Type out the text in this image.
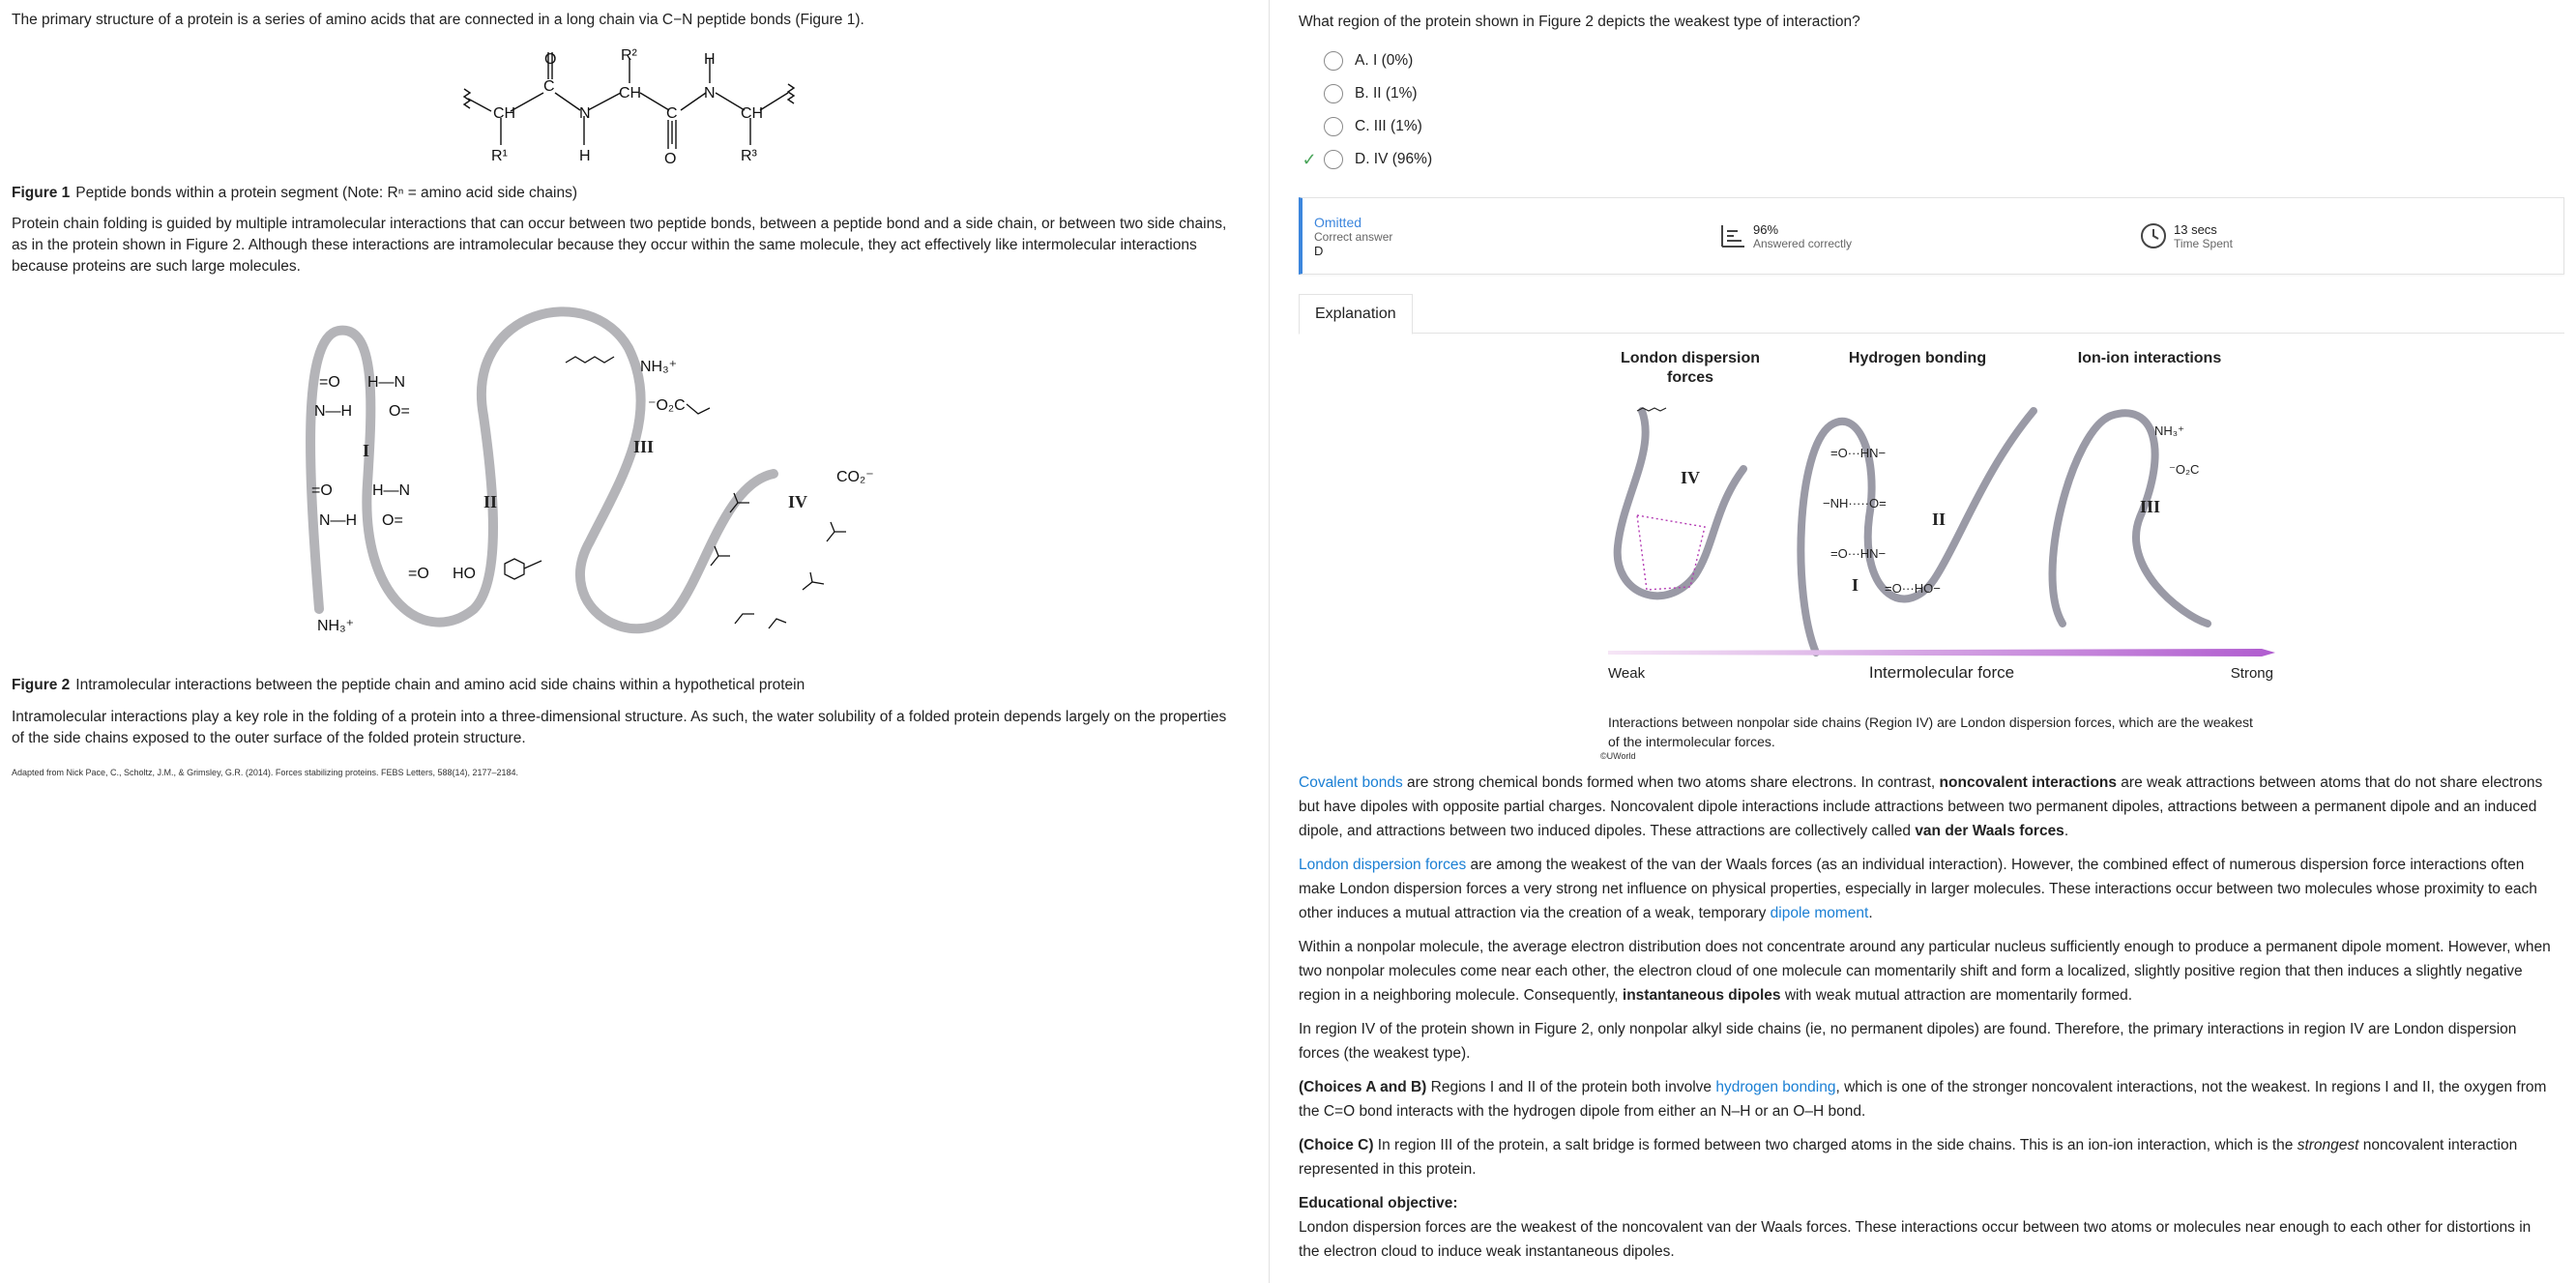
The primary structure of a protein is a series of amino acids that are connected in a long chain via C−N peptide bonds (Figure 1).
CH
C
O
N
H
CH
R²
C
O
N
H
CH
R¹	R³
Figure 1 Peptide bonds within a protein segment (Note: Rⁿ = amino acid side chains)
Protein chain folding is guided by multiple intramolecular interactions that can occur between two peptide bonds, between a peptide bond and a side chain, or between two side chains, as in the protein shown in Figure 2. Although these interactions are intramolecular because they occur within the same molecule, they act effectively like intermolecular interactions because proteins are such large molecules.
=O H—N
N—H O=
I
=O	H—N
N—H O=
II
=O HO
NH₃⁺
NH₃⁺
⁻O₂C
III
IV
CO₂⁻
Figure 2 Intramolecular interactions between the peptide chain and amino acid side chains within a hypothetical protein
Intramolecular interactions play a key role in the folding of a protein into a three-dimensional structure. As such, the water solubility of a folded protein depends largely on the properties of the side chains exposed to the outer surface of the folded protein structure.
Adapted from Nick Pace, C., Scholtz, J.M., & Grimsley, G.R. (2014). Forces stabilizing proteins. FEBS Letters, 588(14), 2177–2184.
What region of the protein shown in Figure 2 depicts the weakest type of interaction?
A. I (0%)
B. II (1%)
C. III (1%)
✓	D. IV (96%)
Omitted
Correct answer
D
96%
Answered correctly
13 secs
Time Spent
Explanation
London dispersion
forces
Hydrogen bonding	Ion-ion interactions
IV
=O···HN−
−NH·····O=
=O···HN−
I
II
=O···HO−
NH₃⁺
⁻O₂C
III
Weak	Intermolecular force	Strong
Interactions between nonpolar side chains (Region IV) are London dispersion forces, which are the weakest of the intermolecular forces.
©UWorld

Covalent bonds are strong chemical bonds formed when two atoms share electrons. In contrast, noncovalent interactions are weak attractions between atoms that do not share electrons but have dipoles with opposite partial charges. Noncovalent dipole interactions include attractions between two permanent dipoles, attractions between a permanent dipole and an induced dipole, and attractions between two induced dipoles. These attractions are collectively called van der Waals forces.

London dispersion forces are among the weakest of the van der Waals forces (as an individual interaction). However, the combined effect of numerous dispersion force interactions often make London dispersion forces a very strong net influence on physical properties, especially in larger molecules. These interactions occur between two molecules whose proximity to each other induces a mutual attraction via the creation of a weak, temporary dipole moment.

Within a nonpolar molecule, the average electron distribution does not concentrate around any particular nucleus sufficiently enough to produce a permanent dipole moment. However, when two nonpolar molecules come near each other, the electron cloud of one molecule can momentarily shift and form a localized, slightly positive region that then induces a slightly negative region in a neighboring molecule. Consequently, instantaneous dipoles with weak mutual attraction are momentarily formed.

In region IV of the protein shown in Figure 2, only nonpolar alkyl side chains (ie, no permanent dipoles) are found. Therefore, the primary interactions in region IV are London dispersion forces (the weakest type).

(Choices A and B) Regions I and II of the protein both involve hydrogen bonding, which is one of the stronger noncovalent interactions, not the weakest. In regions I and II, the oxygen from the C=O bond interacts with the hydrogen dipole from either an N–H or an O–H bond.

(Choice C) In region III of the protein, a salt bridge is formed between two charged atoms in the side chains. This is an ion-ion interaction, which is the strongest noncovalent interaction represented in this protein.

Educational objective:

London dispersion forces are the weakest of the noncovalent van der Waals forces. These interactions occur between two atoms or molecules near enough to each other for distortions in the electron cloud to induce weak instantaneous dipoles.
